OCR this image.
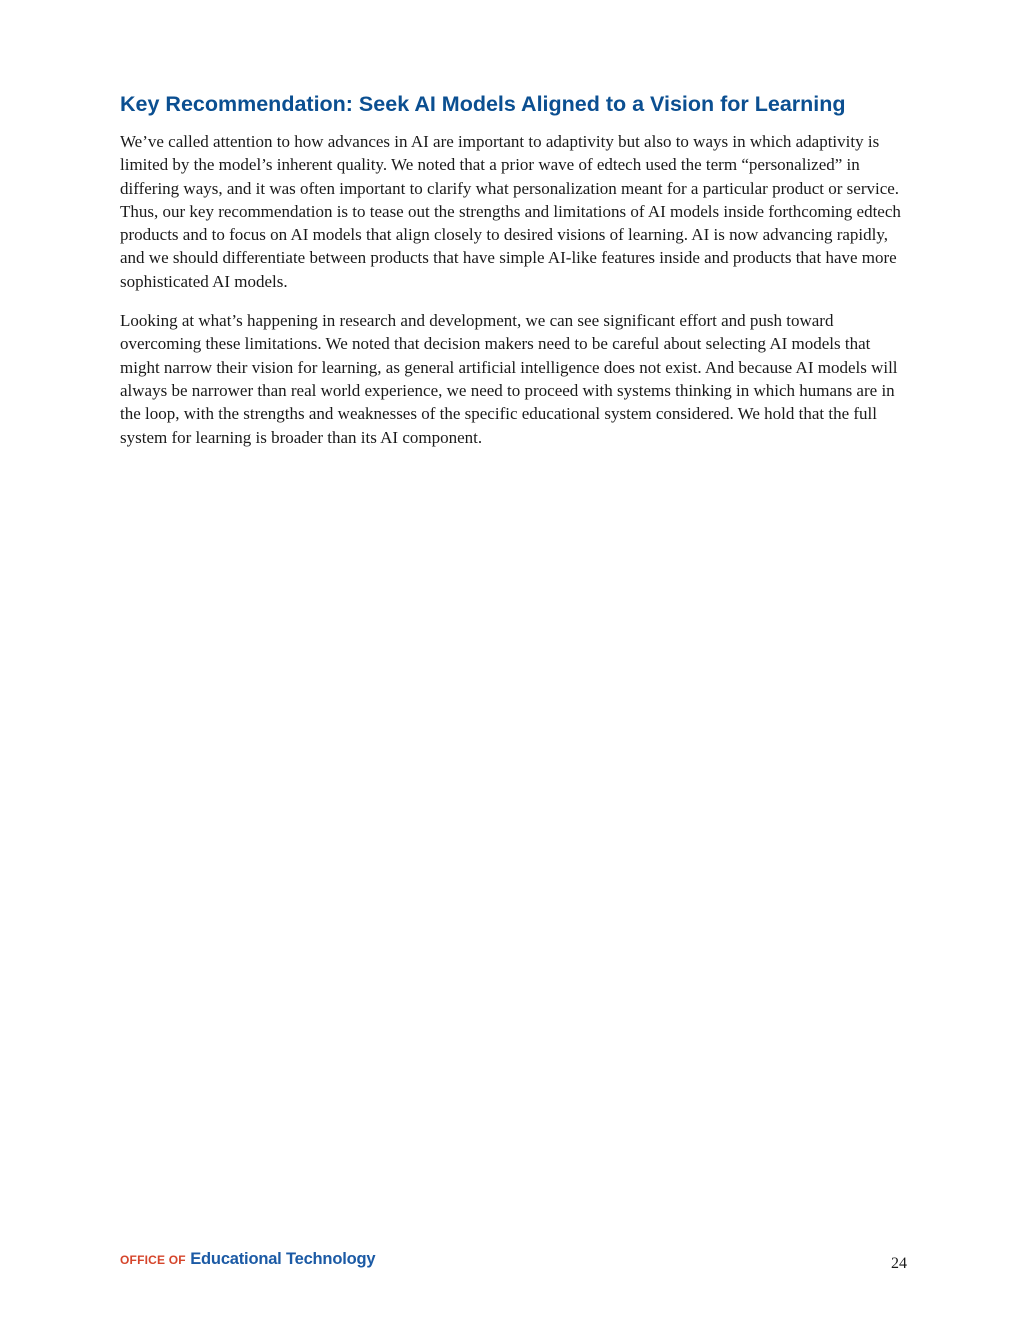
Key Recommendation: Seek AI Models Aligned to a Vision for Learning

We’ve called attention to how advances in AI are important to adaptivity but also to ways in which adaptivity is limited by the model’s inherent quality. We noted that a prior wave of edtech used the term “personalized” in differing ways, and it was often important to clarify what personalization meant for a particular product or service. Thus, our key recommendation is to tease out the strengths and limitations of AI models inside forthcoming edtech products and to focus on AI models that align closely to desired visions of learning. AI is now advancing rapidly, and we should differentiate between products that have simple AI-like features inside and products that have more sophisticated AI models.

Looking at what’s happening in research and development, we can see significant effort and push toward overcoming these limitations. We noted that decision makers need to be careful about selecting AI models that might narrow their vision for learning, as general artificial intelligence does not exist. And because AI models will always be narrower than real world experience, we need to proceed with systems thinking in which humans are in the loop, with the strengths and weaknesses of the specific educational system considered. We hold that the full system for learning is broader than its AI component.

OFFICE OF Educational Technology	24
